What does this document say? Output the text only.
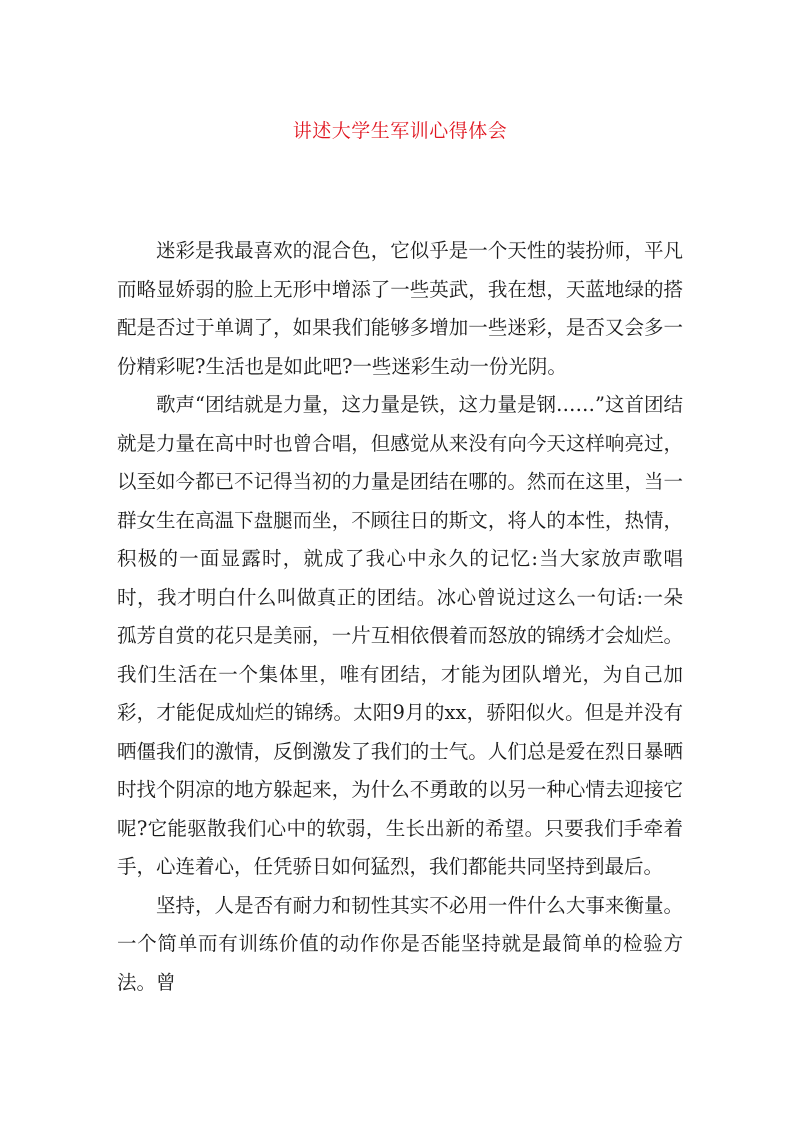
讲述大学生军训心得体会

迷彩是我最喜欢的混合色，它似乎是一个天性的装扮师，平凡而略显娇弱的脸上无形中增添了一些英武，我在想，天蓝地绿的搭配是否过于单调了，如果我们能够多增加一些迷彩，是否又会多一份精彩呢?生活也是如此吧?一些迷彩生动一份光阴。

歌声“团结就是力量，这力量是铁，这力量是钢……”这首团结就是力量在高中时也曾合唱，但感觉从来没有向今天这样响亮过，以至如今都已不记得当初的力量是团结在哪的。然而在这里，当一群女生在高温下盘腿而坐，不顾往日的斯文，将人的本性，热情，积极的一面显露时，就成了我心中永久的记忆:当大家放声歌唱时，我才明白什么叫做真正的团结。冰心曾说过这么一句话:一朵孤芳自赏的花只是美丽，一片互相依偎着而怒放的锦绣才会灿烂。我们生活在一个集体里，唯有团结，才能为团队增光，为自己加彩，才能促成灿烂的锦绣。太阳9月的xx，骄阳似火。但是并没有晒僵我们的激情，反倒激发了我们的士气。人们总是爱在烈日暴晒时找个阴凉的地方躲起来，为什么不勇敢的以另一种心情去迎接它呢?它能驱散我们心中的软弱，生长出新的希望。只要我们手牵着手，心连着心，任凭骄日如何猛烈，我们都能共同坚持到最后。

坚持，人是否有耐力和韧性其实不必用一件什么大事来衡量。一个简单而有训练价值的动作你是否能坚持就是最简单的检验方法。曾
